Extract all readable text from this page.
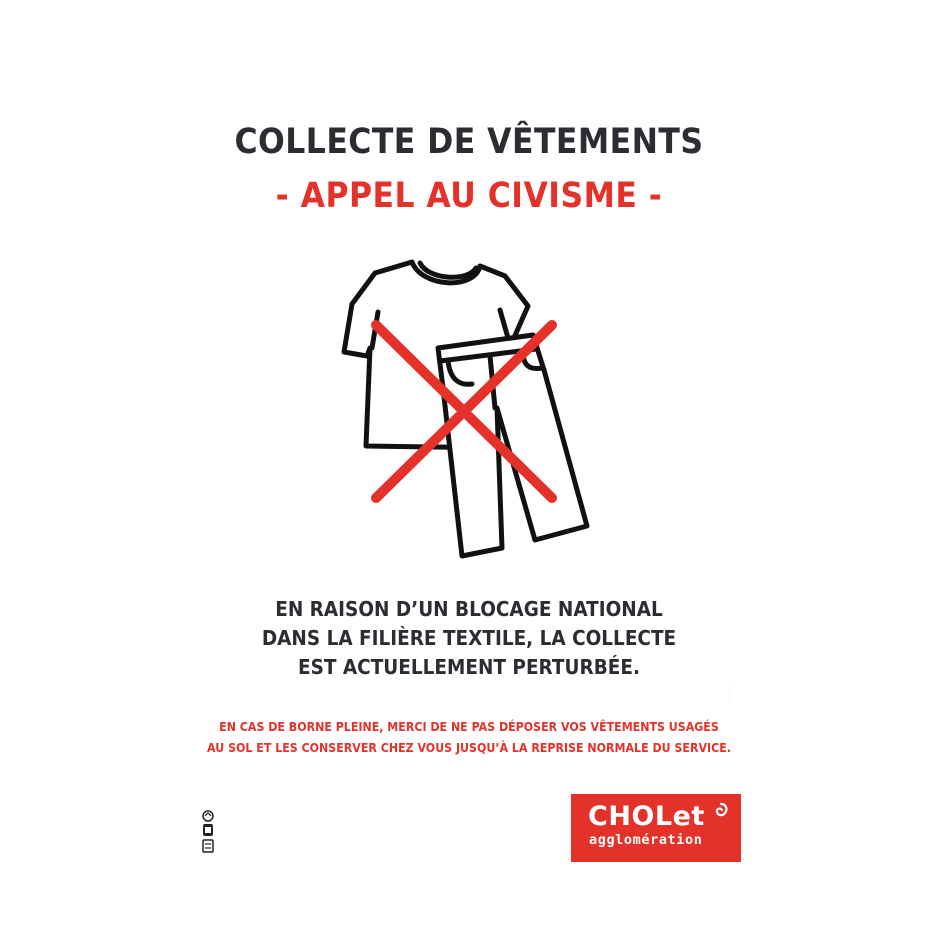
COLLECTE DE VÊTEMENTS
- APPEL AU CIVISME -
EN RAISON D’UN BLOCAGE NATIONAL
DANS LA FILIÈRE TEXTILE, LA COLLECTE
EST ACTUELLEMENT PERTURBÉE.
EN CAS DE BORNE PLEINE, MERCI DE NE PAS DÉPOSER VOS VÊTEMENTS USAGÉS
AU SOL ET LES CONSERVER CHEZ VOUS JUSQU’À LA REPRISE NORMALE DU SERVICE.
· · · · · · · · ·
CHOLet
agglomération
